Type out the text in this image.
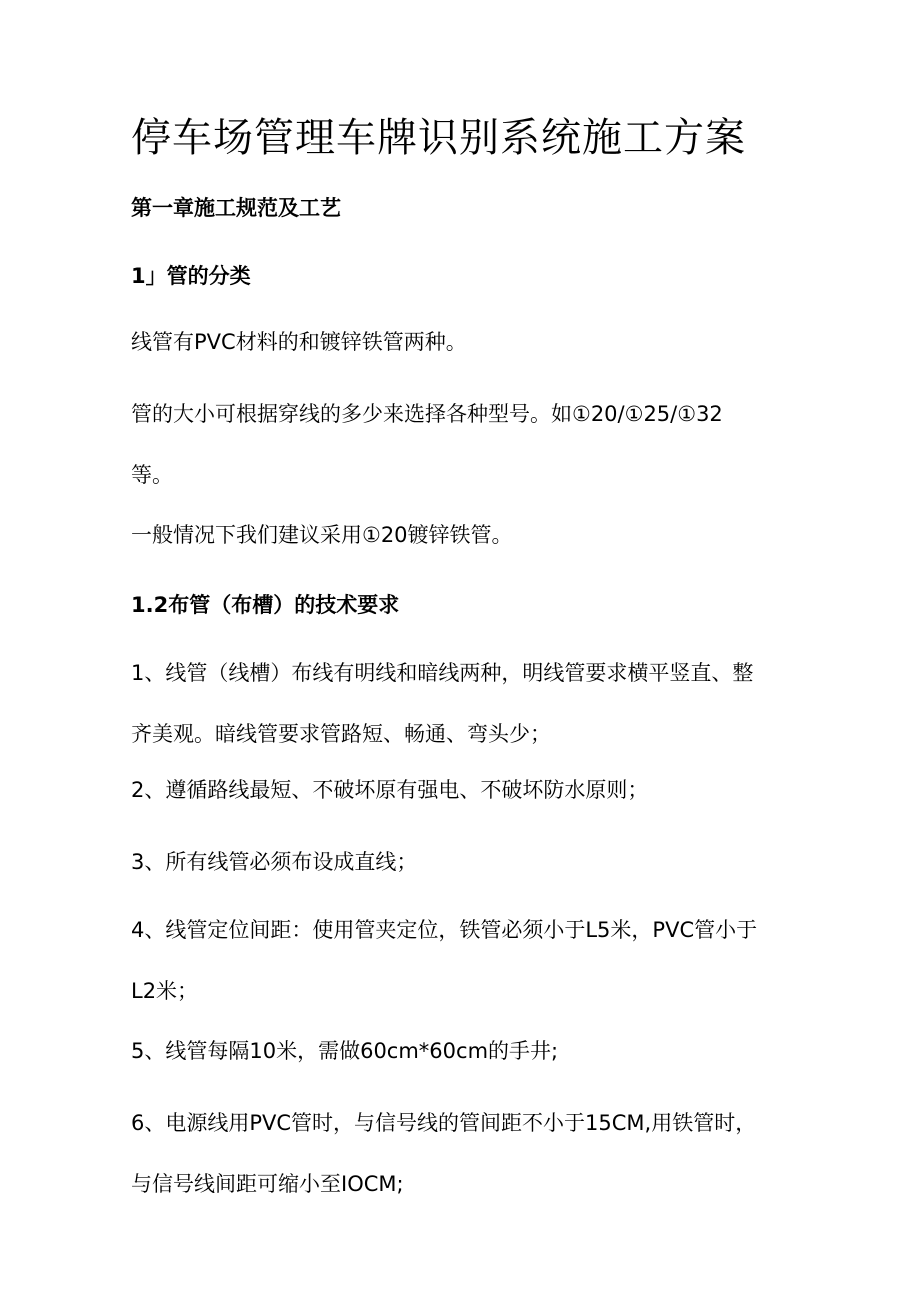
停车场管理车牌识别系统施工方案
第一章施工规范及工艺
1」管的分类

线管有PVC材料的和镀锌铁管两种。

管的大小可根据穿线的多少来选择各种型号。如①20/①25/①32
等。

一般情况下我们建议采用①20镀锌铁管。

1.2布管（布槽）的技术要求

1、线管（线槽）布线有明线和暗线两种，明线管要求横平竖直、整
齐美观。暗线管要求管路短、畅通、弯头少；

2、遵循路线最短、不破坏原有强电、不破坏防水原则；

3、所有线管必须布设成直线；

4、线管定位间距：使用管夹定位，铁管必须小于L5米，PVC管小于
L2米；

5、线管每隔10米，需做60cm*60cm的手井;

6、电源线用PVC管时，与信号线的管间距不小于15CM,用铁管时，
与信号线间距可缩小至IOCM;
